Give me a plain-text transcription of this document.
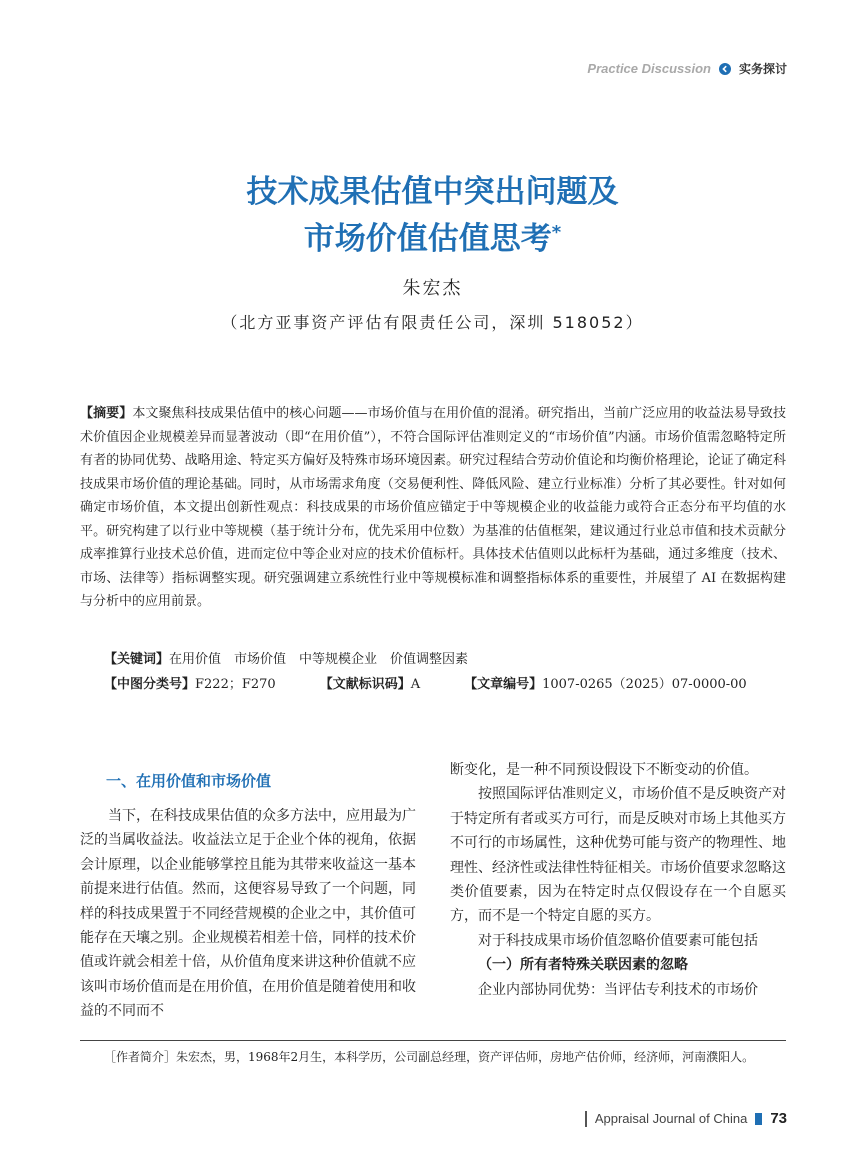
Practice Discussion 实务探讨
技术成果估值中突出问题及
市场价值估值思考*
朱宏杰
（北方亚事资产评估有限责任公司，深圳 518052）
【摘要】本文聚焦科技成果估值中的核心问题——市场价值与在用价值的混淆。研究指出，当前广泛应用的收益法易导致技术价值因企业规模差异而显著波动（即“在用价值”），不符合国际评估准则定义的“市场价值”内涵。市场价值需忽略特定所有者的协同优势、战略用途、特定买方偏好及特殊市场环境因素。研究过程结合劳动价值论和均衡价格理论，论证了确定科技成果市场价值的理论基础。同时，从市场需求角度（交易便利性、降低风险、建立行业标准）分析了其必要性。针对如何确定市场价值，本文提出创新性观点：科技成果的市场价值应锚定于中等规模企业的收益能力或符合正态分布平均值的水平。研究构建了以行业中等规模（基于统计分布，优先采用中位数）为基准的估值框架，建议通过行业总市值和技术贡献分成率推算行业技术总价值，进而定位中等企业对应的技术价值标杆。具体技术估值则以此标杆为基础，通过多维度（技术、市场、法律等）指标调整实现。研究强调建立系统性行业中等规模标准和调整指标体系的重要性，并展望了 AI 在数据构建与分析中的应用前景。
【关键词】在用价值　市场价值　中等规模企业　价值调整因素
【中图分类号】F222；F270	【文献标识码】A	【文章编号】1007-0265（2025）07-0000-00
一、在用价值和市场价值

当下，在科技成果估值的众多方法中，应用最为广泛的当属收益法。收益法立足于企业个体的视角，依据会计原理，以企业能够掌控且能为其带来收益这一基本前提来进行估值。然而，这便容易导致了一个问题，同样的科技成果置于不同经营规模的企业之中，其价值可能存在天壤之别。企业规模若相差十倍，同样的技术价值或许就会相差十倍，从价值角度来讲这种价值就不应该叫市场价值而是在用价值，在用价值是随着使用和收益的不同而不

断变化，是一种不同预设假设下不断变动的价值。

按照国际评估准则定义，市场价值不是反映资产对于特定所有者或买方可行，而是反映对市场上其他买方不可行的市场属性，这种优势可能与资产的物理性、地理性、经济性或法律性特征相关。市场价值要求忽略这类价值要素，因为在特定时点仅假设存在一个自愿买方，而不是一个特定自愿的买方。

对于科技成果市场价值忽略价值要素可能包括

（一）所有者特殊关联因素的忽略

企业内部协同优势：当评估专利技术的市场价

［作者简介］朱宏杰，男，1968年2月生，本科学历，公司副总经理，资产评估师，房地产估价师，经济师，河南濮阳人。
Appraisal Journal of China 73
